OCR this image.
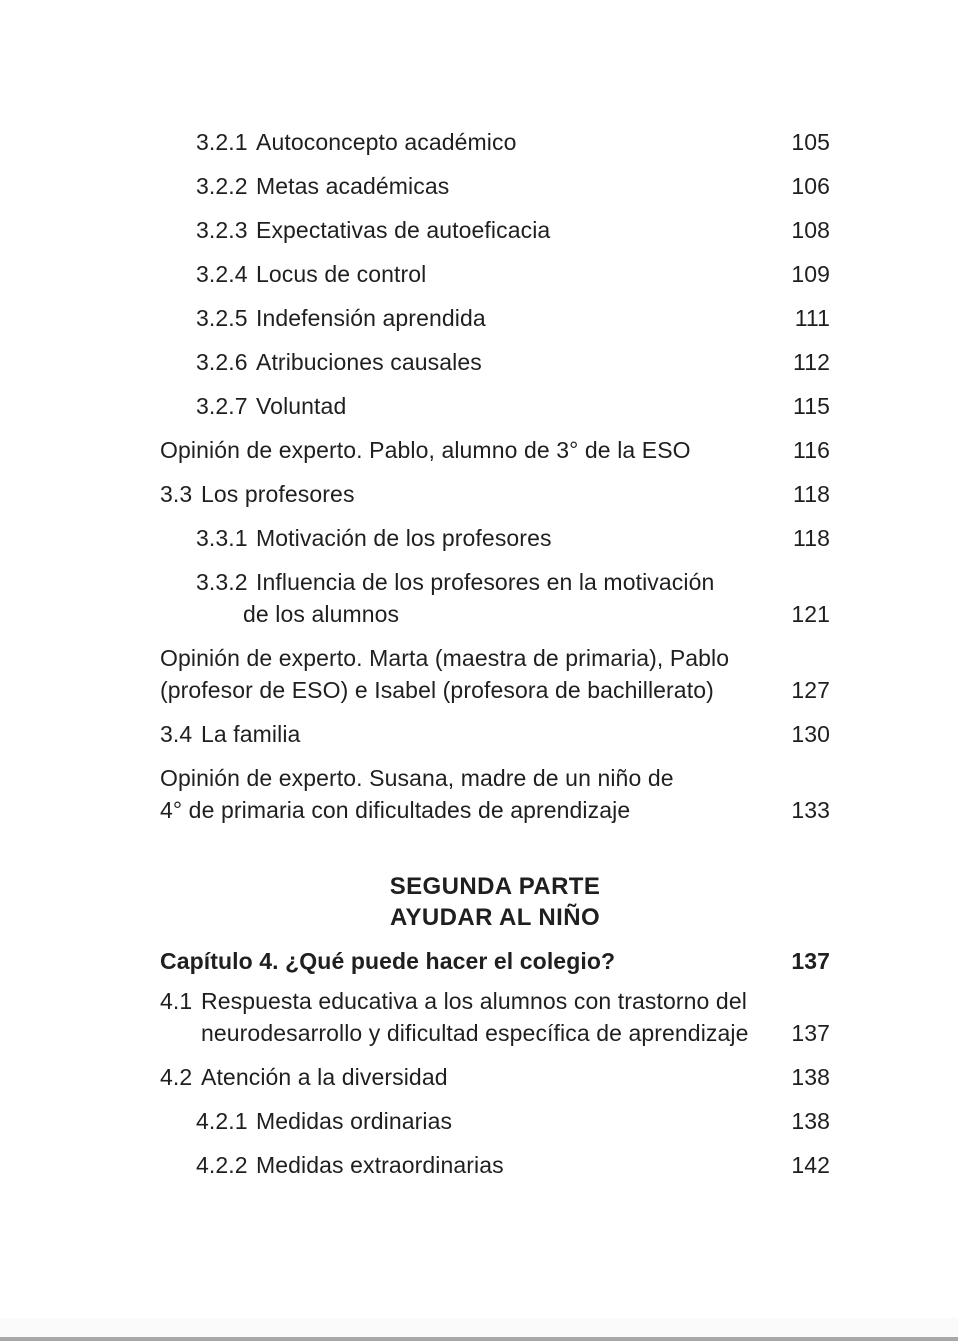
3.2.1 Autoconcepto académico	105
3.2.2 Metas académicas	106
3.2.3 Expectativas de autoeficacia	108
3.2.4 Locus de control	109
3.2.5 Indefensión aprendida	111
3.2.6 Atribuciones causales	112
3.2.7 Voluntad	115
Opinión de experto. Pablo, alumno de 3° de la ESO	116
3.3 Los profesores	118
3.3.1 Motivación de los profesores	118
3.3.2 Influencia de los profesores en la motivación
de los alumnos	121
Opinión de experto. Marta (maestra de primaria), Pablo
(profesor de ESO) e Isabel (profesora de bachillerato)	127
3.4 La familia	130
Opinión de experto. Susana, madre de un niño de
4° de primaria con dificultades de aprendizaje	133
SEGUNDA PARTE
AYUDAR AL NIÑO
Capítulo 4. ¿Qué puede hacer el colegio?	137
4.1 Respuesta educativa a los alumnos con trastorno del
neurodesarrollo y dificultad específica de aprendizaje	137
4.2 Atención a la diversidad	138
4.2.1 Medidas ordinarias	138
4.2.2 Medidas extraordinarias	142
